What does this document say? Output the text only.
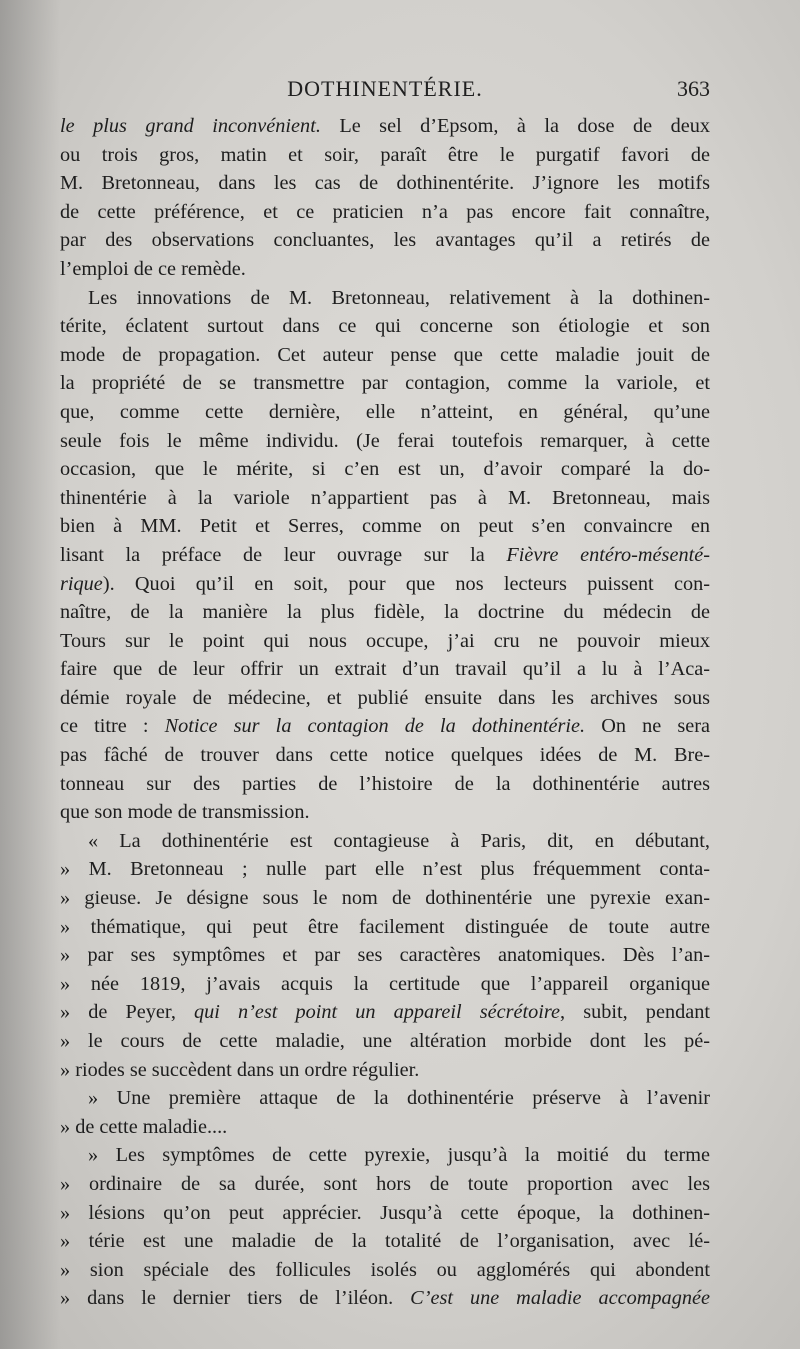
DOTHINENTÉRIE.	363
le plus grand inconvénient. Le sel d’Epsom, à la dose de deux
ou trois gros, matin et soir, paraît être le purgatif favori de
M. Bretonneau, dans les cas de dothinentérite. J’ignore les motifs
de cette préférence, et ce praticien n’a pas encore fait connaître,
par des observations concluantes, les avantages qu’il a retirés de
l’emploi de ce remède.
Les innovations de M. Bretonneau, relativement à la dothinen-
térite, éclatent surtout dans ce qui concerne son étiologie et son
mode de propagation. Cet auteur pense que cette maladie jouit de
la propriété de se transmettre par contagion, comme la variole, et
que, comme cette dernière, elle n’atteint, en général, qu’une
seule fois le même individu. (Je ferai toutefois remarquer, à cette
occasion, que le mérite, si c’en est un, d’avoir comparé la do-
thinentérie à la variole n’appartient pas à M. Bretonneau, mais
bien à MM. Petit et Serres, comme on peut s’en convaincre en
lisant la préface de leur ouvrage sur la Fièvre entéro-mésenté-
rique). Quoi qu’il en soit, pour que nos lecteurs puissent con-
naître, de la manière la plus fidèle, la doctrine du médecin de
Tours sur le point qui nous occupe, j’ai cru ne pouvoir mieux
faire que de leur offrir un extrait d’un travail qu’il a lu à l’Aca-
démie royale de médecine, et publié ensuite dans les archives sous
ce titre : Notice sur la contagion de la dothinentérie. On ne sera
pas fâché de trouver dans cette notice quelques idées de M. Bre-
tonneau sur des parties de l’histoire de la dothinentérie autres
que son mode de transmission.
« La dothinentérie est contagieuse à Paris, dit, en débutant,
» M. Bretonneau ; nulle part elle n’est plus fréquemment conta-
» gieuse. Je désigne sous le nom de dothinentérie une pyrexie exan-
» thématique, qui peut être facilement distinguée de toute autre
» par ses symptômes et par ses caractères anatomiques. Dès l’an-
» née 1819, j’avais acquis la certitude que l’appareil organique
» de Peyer, qui n’est point un appareil sécrétoire, subit, pendant
» le cours de cette maladie, une altération morbide dont les pé-
» riodes se succèdent dans un ordre régulier.
» Une première attaque de la dothinentérie préserve à l’avenir
» de cette maladie....
» Les symptômes de cette pyrexie, jusqu’à la moitié du terme
» ordinaire de sa durée, sont hors de toute proportion avec les
» lésions qu’on peut apprécier. Jusqu’à cette époque, la dothinen-
» térie est une maladie de la totalité de l’organisation, avec lé-
» sion spéciale des follicules isolés ou agglomérés qui abondent
» dans le dernier tiers de l’iléon. C’est une maladie accompagnée
